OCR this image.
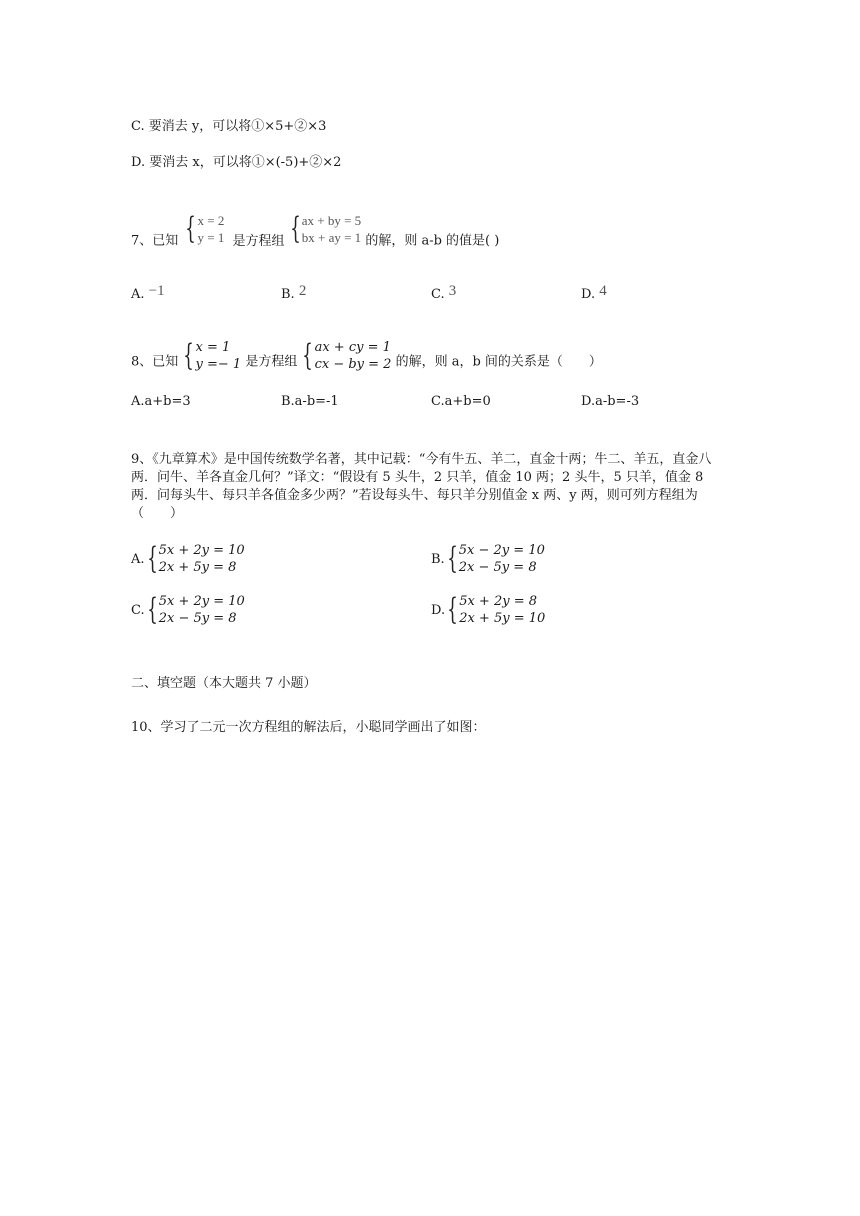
C. 要消去 y，可以将①×5+②×3
D. 要消去 x，可以将①×(-5)+②×2
7、已知 { x = 2
y = 1 是方程组 { ax + by = 5
bx + ay = 1 的解，则 a-b 的值是( )
A. −1	B. 2	C. 3	D. 4
8、已知 { x = 1
y =− 1 是方程组 { ax + cy = 1
cx − by = 2 的解，则 a，b 间的关系是（　　）
A.a+b=3	B.a-b=-1	C.a+b=0	D.a-b=-3
9、《九章算术》是中国传统数学名著，其中记载：“今有牛五、羊二，直金十两；牛二、羊五，直金八两．问牛、羊各直金几何？”译文：“假设有 5 头牛，2 只羊，值金 10 两；2 头牛，5 只羊，值金 8 两．问每头牛、每只羊各值金多少两？”若设每头牛、每只羊分别值金 x 两、y 两，则可列方程组为（　　）
A. { 5x + 2y = 10
2x + 5y = 8
B. { 5x − 2y = 10
2x − 5y = 8
C. { 5x + 2y = 10
2x − 5y = 8
D. { 5x + 2y = 8
2x + 5y = 10
二、填空题（本大题共 7 小题）
10、学习了二元一次方程组的解法后，小聪同学画出了如图：
